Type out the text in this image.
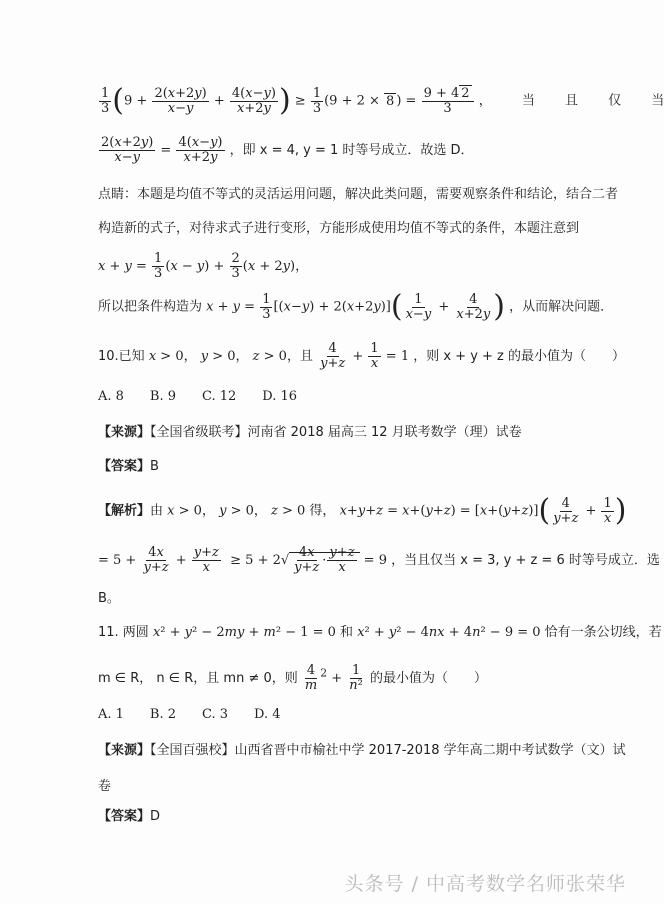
$\frac{1}{3} (9 + \frac{2(x+2y)}{x-y} + \frac{4(x-y)}{x+2y}$ ) ≥ $\frac{1}{3} (9 + 2 \times 8$ ) = $\frac{9 + 4 2}{3}$ ， 当 且 仅 当
$\frac{2(x+2y)}{x-y} = \frac{4(x-y)}{x+2y}$ ，即 x = 4, y = 1 时等号成立．故选 D．
点睛：本题是均值不等式的灵活运用问题，解决此类问题，需要观察条件和结论，结合二者
构造新的式子，对待求式子进行变形，方能形成使用均值不等式的条件，本题注意到
$x + y = \frac{1}{3} (x - y) + \frac{2}{3} (x + 2y)$，
所以把条件构造为 $x + y = \frac{1}{3} [(x-y) + 2(x+2y)]( \frac{1}{x-y} + \frac{4}{x+2y}$ ) ，从而解决问题．
10.已知 x > 0， y > 0， z > 0，且 $\frac{4}{y+z} + \frac{1}{x} = 1$ ，则 x + y + z 的最小值为（　　）
A. 8　　B. 9　　C. 12　　D. 16
【来源】【全国省级联考】河南省 2018 届高三 12 月联考数学（理）试卷
【答案】B
【解析】由 x > 0， y > 0， z > 0 得， $x+y+z = x+(y+z) = [x+(y+z)]( \frac{4}{y+z} + \frac{1}{x}$ )
= $5 + \frac{4x}{y+z} + \frac{y+z}{x} \ge 5 + 2√ \frac{4x}{y+z} \cdot \frac{y+z}{x} = 9$ ，当且仅当 x = 3, y + z = 6 时等号成立．选
B。
11. 两圆 x² + y² − 2my + m² − 1 = 0 和 x² + y² − 4nx + 4n² − 9 = 0 恰有一条公切线，若
m ∈ R， n ∈ R，且 mn ≠ 0，则 $\frac{4}{m} ^2 + \frac{1}{\text{n²}}$ 的最小值为（　　）
A. 1　　B. 2　　C. 3　　D. 4
【来源】【全国百强校】山西省晋中市榆社中学 2017-2018 学年高二期中考试数学（文）试
卷
【答案】D
头条号 / 中高考数学名师张荣华
